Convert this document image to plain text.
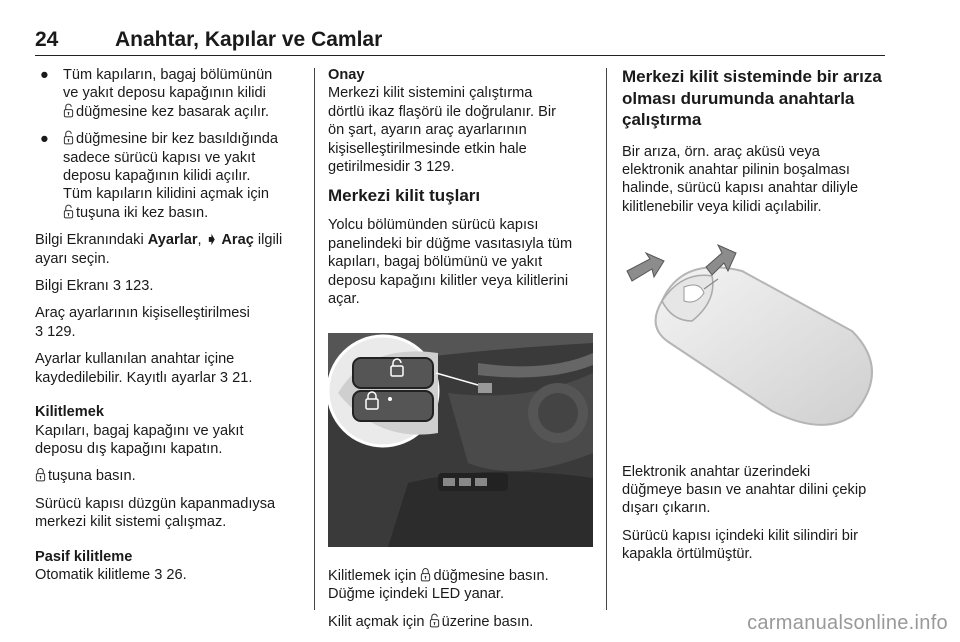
24	Anahtar, Kapılar ve Camlar
● Tüm kapıların, bagaj bölümünün
ve yakıt deposu kapağının kilidi
düğmesine kez basarak açılır.
● düğmesine bir kez basıldığında
sadece sürücü kapısı ve yakıt
deposu kapağının kilidi açılır.
Tüm kapıların kilidini açmak için
tuşuna iki kez basın.

Bilgi Ekranındaki Ayarlar, ➧ Araç ilgili
ayarı seçin.

Bilgi Ekranı 3 123.

Araç ayarlarının kişiselleştirilmesi
3 129.

Ayarlar kullanılan anahtar içine
kaydedilebilir. Kayıtlı ayarlar 3 21.

Kilitlemek
Kapıları, bagaj kapağını ve yakıt
deposu dış kapağını kapatın.

tuşuna basın.

Sürücü kapısı düzgün kapanmadıysa
merkezi kilit sistemi çalışmaz.

Pasif kilitleme
Otomatik kilitleme 3 26.

Onay
Merkezi kilit sistemini çalıştırma
dörtlü ikaz flaşörü ile doğrulanır. Bir
ön şart, ayarın araç ayarlarının
kişiselleştirilmesinde etkin hale
getirilmesidir 3 129.

Merkezi kilit tuşları

Yolcu bölümünden sürücü kapısı
panelindeki bir düğme vasıtasıyla tüm
kapıları, bagaj bölümünü ve yakıt
deposu kapağını kilitler veya kilitlerini
açar.

Kilitlemek için düğmesine basın.
Düğme içindeki LED yanar.

Kilit açmak için üzerine basın.

Merkezi kilit sisteminde bir arıza
olması durumunda anahtarla
çalıştırma

Bir arıza, örn. araç aküsü veya
elektronik anahtar pilinin boşalması
halinde, sürücü kapısı anahtar diliyle
kilitlenebilir veya kilidi açılabilir.

Elektronik anahtar üzerindeki
düğmeye basın ve anahtar dilini çekip
dışarı çıkarın.

Sürücü kapısı içindeki kilit silindiri bir
kapakla örtülmüştür.

carmanualsonline.info
